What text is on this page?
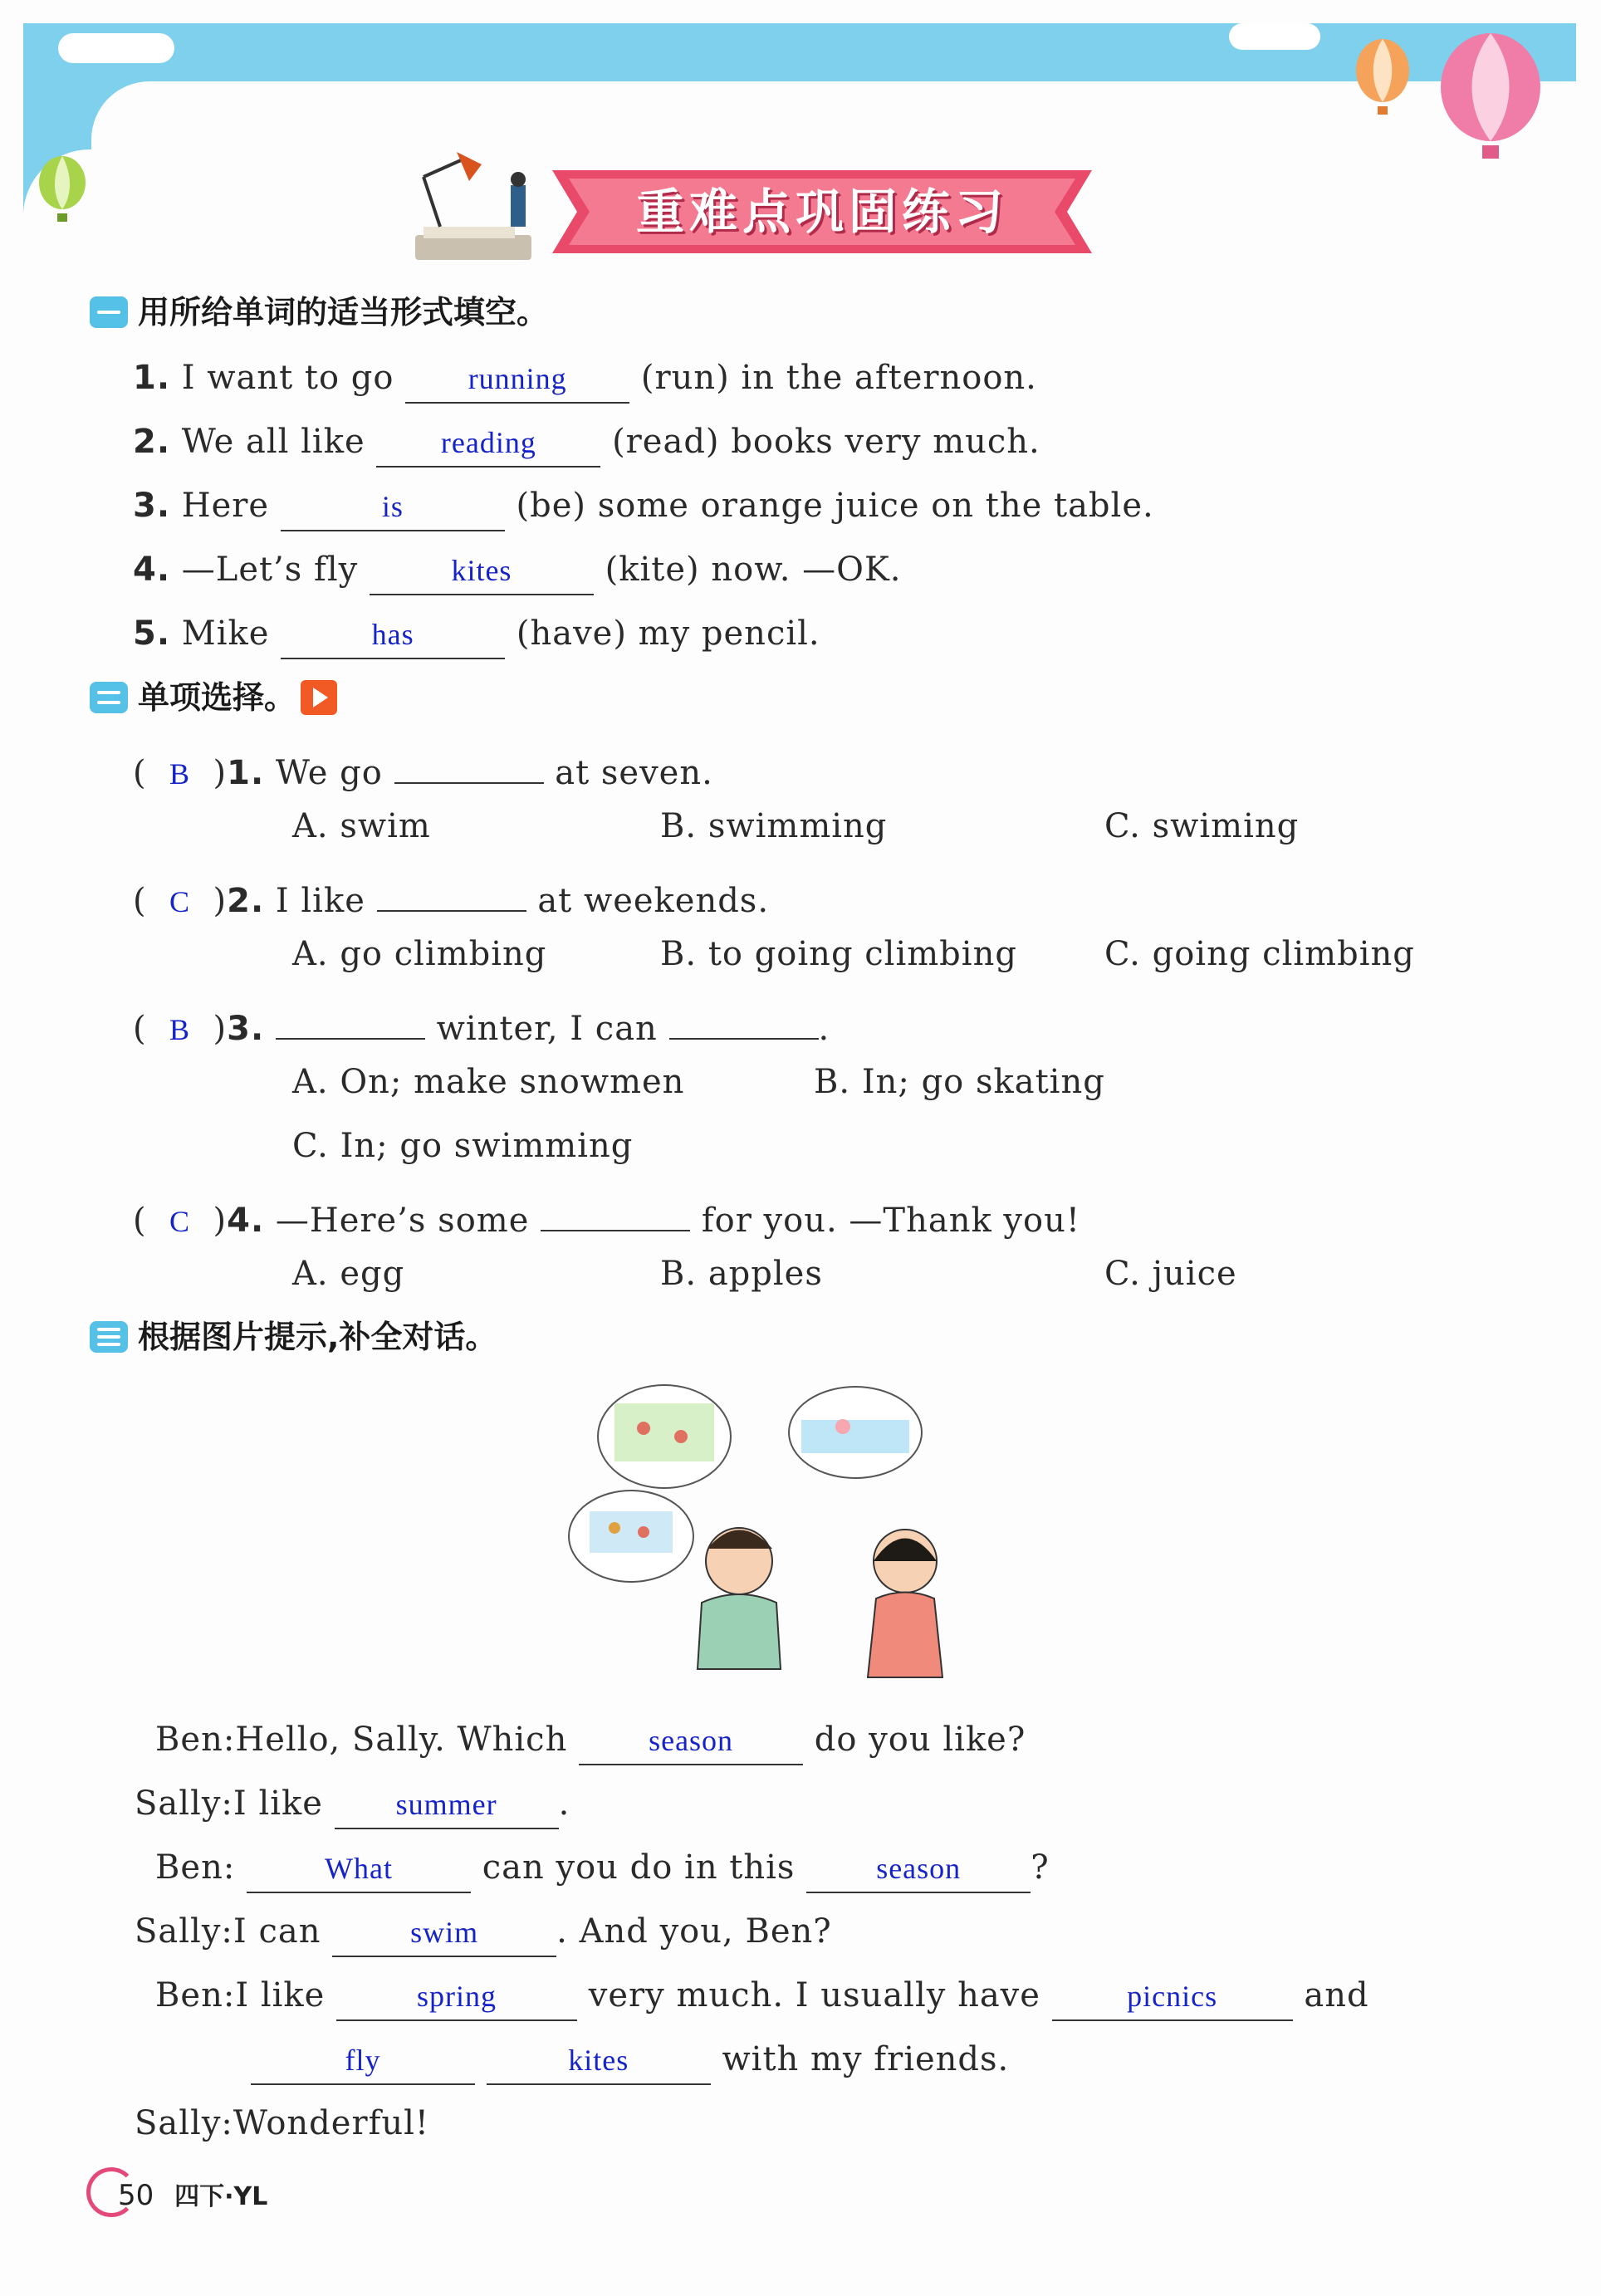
重难点巩固练习
用所给单词的适当形式填空。
1. I want to go running (run) in the afternoon.
2. We all like	reading (read) books very much.
3. Here	is	(be) some orange juice on the table.
4. —Let’s fly	kites	(kite) now. —OK.
5. Mike	has	(have) my pencil.
单项选择。
( B )1. We go	at seven.
A. swim	B. swimming	C. swiming
( C )2. I like	at weekends.
A. go climbing	B. to going climbing	C. going climbing
( B )3.	winter, I can	.
A. On; make snowmen	B. In; go skating
C. In; go swimming
( C )4. —Here’s some	for you. —Thank you!
A. egg	B. apples	C. juice
根据图片提示,补全对话。
Ben:Hello, Sally. Which	season do you like?
Sally:I like summer .
Ben:	What	can you do in this	season ?
Sally:I can	swim . And you, Ben?
Ben:I like	spring	very much. I usually have	picnics	and
fly	kites	with my friends.
Sally:Wonderful!
50 四下·YL
